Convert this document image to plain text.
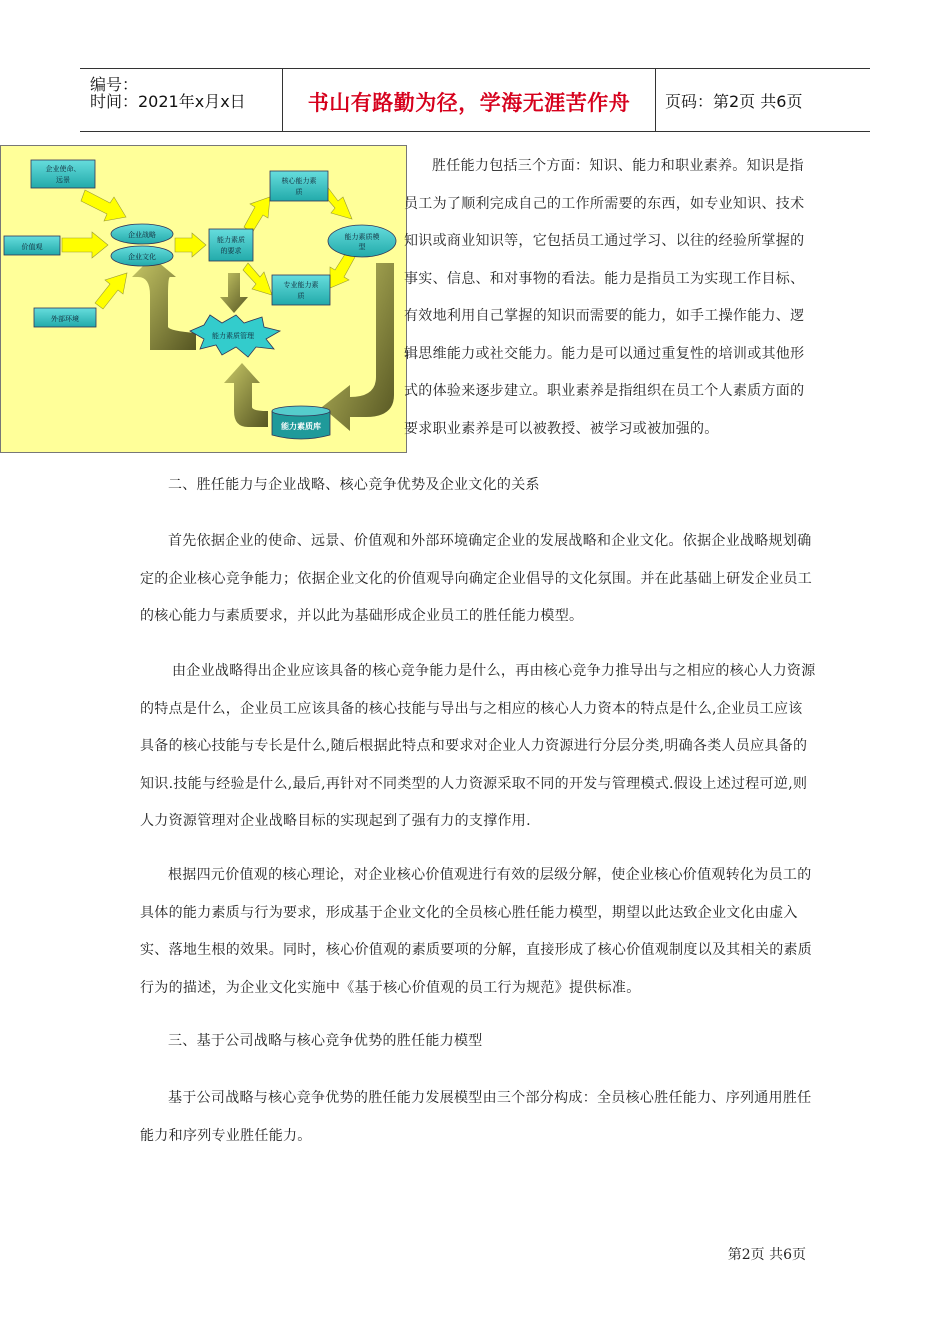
编号：
时间：2021年x月x日	书山有路勤为径，学海无涯苦作舟	页码：第2页 共6页
企业使命、
远景
价值观
外部环境
企业战略
企业文化
能力素质
的要求
核心能力素
质
专业能力素
质
能力素质模
型
能力素质管理
能力素质库
胜任能力包括三个方面：知识、能力和职业素养。知识是指员工为了顺利完成自己的工作所需要的东西，如专业知识、技术知识或商业知识等，它包括员工通过学习、以往的经验所掌握的事实、信息、和对事物的看法。能力是指员工为实现工作目标、有效地利用自己掌握的知识而需要的能力，如手工操作能力、逻辑思维能力或社交能力。能力是可以通过重复性的培训或其他形式的体验来逐步建立。职业素养是指组织在员工个人素质方面的要求职业素养是可以被教授、被学习或被加强的。
二、胜任能力与企业战略、核心竞争优势及企业文化的关系
首先依据企业的使命、远景、价值观和外部环境确定企业的发展战略和企业文化。依据企业战略规划确定的企业核心竞争能力；依据企业文化的价值观导向确定企业倡导的文化氛围。并在此基础上研发企业员工的核心能力与素质要求，并以此为基础形成企业员工的胜任能力模型。
由企业战略得出企业应该具备的核心竞争能力是什么，再由核心竞争力推导出与之相应的核心人力资源的特点是什么，企业员工应该具备的核心技能与导出与之相应的核心人力资本的特点是什么,企业员工应该具备的核心技能与专长是什么,随后根据此特点和要求对企业人力资源进行分层分类,明确各类人员应具备的知识.技能与经验是什么,最后,再针对不同类型的人力资源采取不同的开发与管理模式.假设上述过程可逆,则人力资源管理对企业战略目标的实现起到了强有力的支撑作用.
根据四元价值观的核心理论，对企业核心价值观进行有效的层级分解，使企业核心价值观转化为员工的具体的能力素质与行为要求，形成基于企业文化的全员核心胜任能力模型，期望以此达致企业文化由虚入实、落地生根的效果。同时，核心价值观的素质要项的分解，直接形成了核心价值观制度以及其相关的素质行为的描述，为企业文化实施中《基于核心价值观的员工行为规范》提供标准。
三、基于公司战略与核心竞争优势的胜任能力模型
基于公司战略与核心竞争优势的胜任能力发展模型由三个部分构成：全员核心胜任能力、序列通用胜任能力和序列专业胜任能力。
第2页 共6页
